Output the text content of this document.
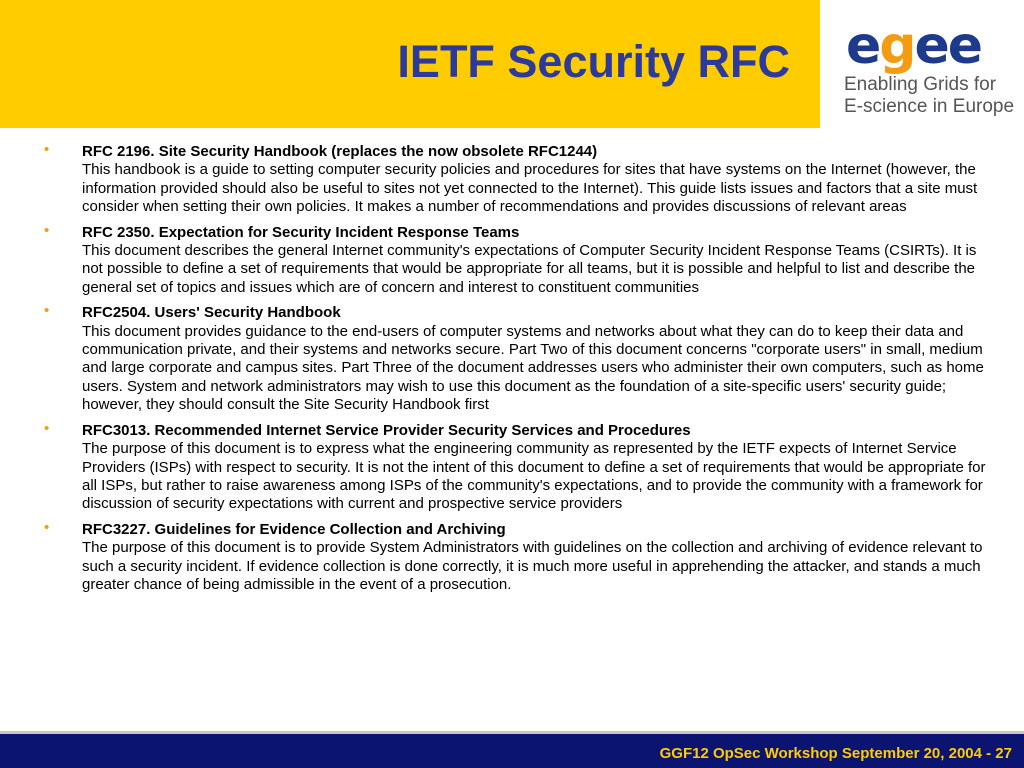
IETF Security RFC e g e e
Enabling Grids for
E-science in Europe
• RFC 2196. Site Security Handbook (replaces the now obsolete RFC1244)
This handbook is a guide to setting computer security policies and procedures for sites that have systems on the Internet (however, the information provided should also be useful to sites not yet connected to the Internet). This guide lists issues and factors that a site must consider when setting their own policies. It makes a number of recommendations and provides discussions of relevant areas
• RFC 2350. Expectation for Security Incident Response Teams
This document describes the general Internet community's expectations of Computer Security Incident Response Teams (CSIRTs). It is not possible to define a set of requirements that would be appropriate for all teams, but it is possible and helpful to list and describe the general set of topics and issues which are of concern and interest to constituent communities
• RFC2504. Users' Security Handbook
This document provides guidance to the end-users of computer systems and networks about what they can do to keep their data and communication private, and their systems and networks secure. Part Two of this document concerns "corporate users" in small, medium and large corporate and campus sites. Part Three of the document addresses users who administer their own computers, such as home users. System and network administrators may wish to use this document as the foundation of a site-specific users' security guide; however, they should consult the Site Security Handbook first
• RFC3013. Recommended Internet Service Provider Security Services and Procedures
The purpose of this document is to express what the engineering community as represented by the IETF expects of Internet Service Providers (ISPs) with respect to security. It is not the intent of this document to define a set of requirements that would be appropriate for all ISPs, but rather to raise awareness among ISPs of the community's expectations, and to provide the community with a framework for discussion of security expectations with current and prospective service providers
• RFC3227. Guidelines for Evidence Collection and Archiving
The purpose of this document is to provide System Administrators with guidelines on the collection and archiving of evidence relevant to such a security incident. If evidence collection is done correctly, it is much more useful in apprehending the attacker, and stands a much greater chance of being admissible in the event of a prosecution.
GGF12 OpSec Workshop September 20, 2004 - 27
